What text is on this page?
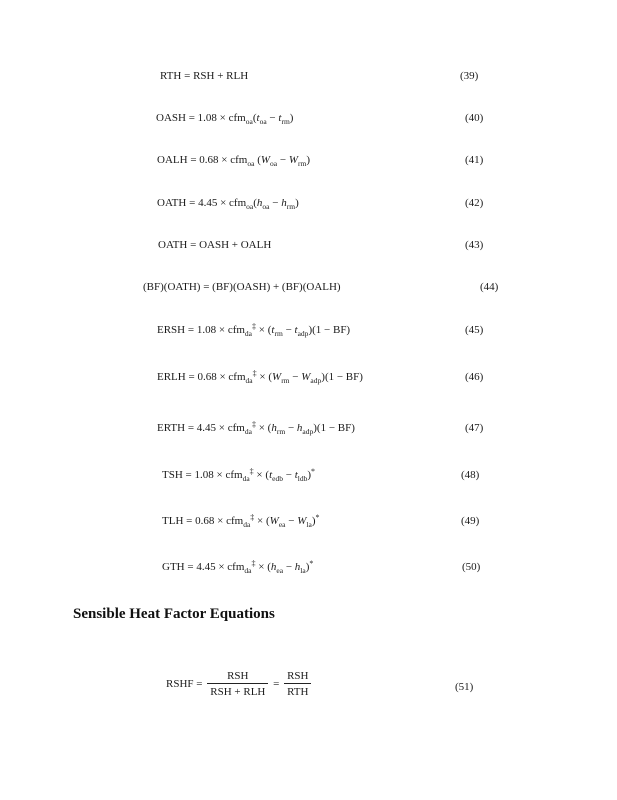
RTH = RSH + RLH	(39)
OASH = $1.08 \times cfm_{oa}(t_{oa} - t_{rm})$	(40)
OALH = 0.68 × cfm$_{oa}$ $(W_{oa} - W_{rm})$	(41)
OATH = $4.45 \times cfm_{oa}(h_{oa} - h_{rm})$	(42)
OATH = OASH + OALH	(43)
(BF)(OATH) = (BF)(OASH) + (BF)(OALH)	(44)
ERSH = $1.08 \times cfm_{da}^\ddagger \times (t_{rm} - t_{adp})(1 - BF)$	(45)
ERLH = $0.68 \times cfm_{da}^\ddagger \times (W_{rm} - W_{adp})(1 - BF)$	(46)
ERTH = $4.45 \times cfm_{da}^\ddagger \times (h_{rm} - h_{adp})(1 - BF)$	(47)
TSH = $1.08 \times cfm_{da}^\ddagger \times (t_{edb} - t_{ldb})^*$	(48)
TLH = $0.68 \times cfm_{da}^\ddagger \times (W_{ea} - W_{la})^*$	(49)
GTH = $4.45 \times cfm_{da}^\ddagger \times (h_{ea} - h_{la})^*$	(50)
Sensible Heat Factor Equations
RSHF = $\frac{\text{RSH}}{\text{RSH + RLH}} = \frac{\text{RSH}}{\text{RTH}}$	(51)
